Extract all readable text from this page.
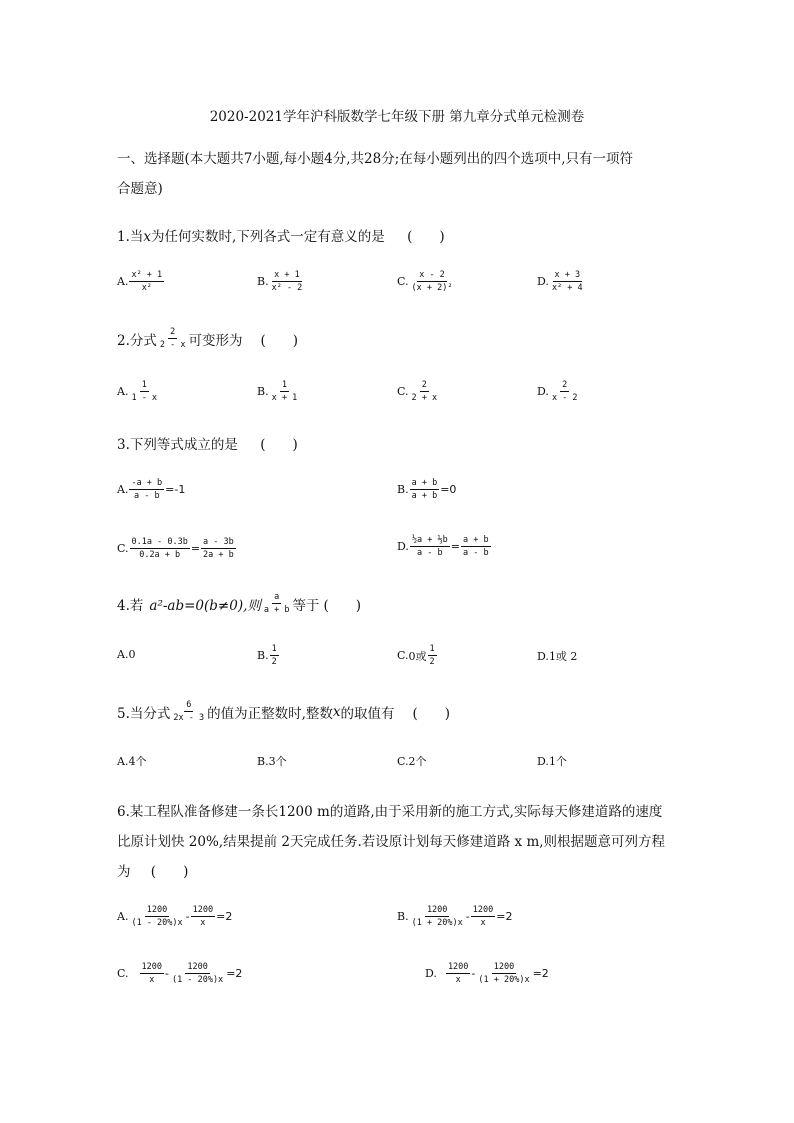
2020-2021学年沪科版数学七年级下册 第九章分式单元检测卷
一、选择题(本大题共7小题,每小题4分,共28分;在每小题列出的四个选项中,只有一项符
合题意)
1.当x为任何实数时,下列各式一定有意义的是 (　　)
A. $\frac{\text{x² + 1}}{\text{x²}}$	B. $\frac{x + 1}{\text{x² - 2}}$	C. $\frac{x - 2}{\text{(x + 2)²}}$	D. $\frac{x + 3}{\text{x² + 4}}$
2.分式 $\frac{2}{2 - x}$ 可变形为 (　　)
A. $\frac{1}{1 - x}$	B. $\frac{1}{x + 1}$	C. $\frac{2}{2 + x}$	D. $\frac{2}{x - 2}$
3.下列等式成立的是 (　　)
A. $\frac{-a + b}{a - b} =-1$	B. $\frac{a + b}{a + b} =0$
C. $\frac{0.1a - 0.3b}{0.2a + b} = \frac{a - 3b}{2a + b}$	D. $\frac{\text{½a + ⅓b}}{a - b} = \frac{a + b}{a - b}$
4.若 a²-ab=0(b≠0),则 $\frac{a}{a + b}$ 等于 (　　)
A. 0	B. $\frac{1}{2}$	C. 0或 $\frac{1}{2}$	D. 1或 2
5.当分式 $\frac{6}{2x - 3}$ 的值为正整数时,整数 x 的取值有 (　　)
A. 4个	B. 3个	C. 2个	D. 1个
6.某工程队准备修建一条长1200 m的道路,由于采用新的施工方式,实际每天修建道路的速度
比原计划快 20%,结果提前 2天完成任务.若设原计划每天修建道路 x m,则根据题意可列方程
为 (　　)
A. $\frac{1200}{(1 - 20\%)x} - \frac{1200}{x} =2$	B. $\frac{1200}{(1 + 20\%)x} - \frac{1200}{x} =2$
C. $\frac{1200}{x} - \frac{1200}{(1 - 20\%)x} =2$	D. $\frac{1200}{x} - \frac{1200}{(1 + 20\%)x} =2$
